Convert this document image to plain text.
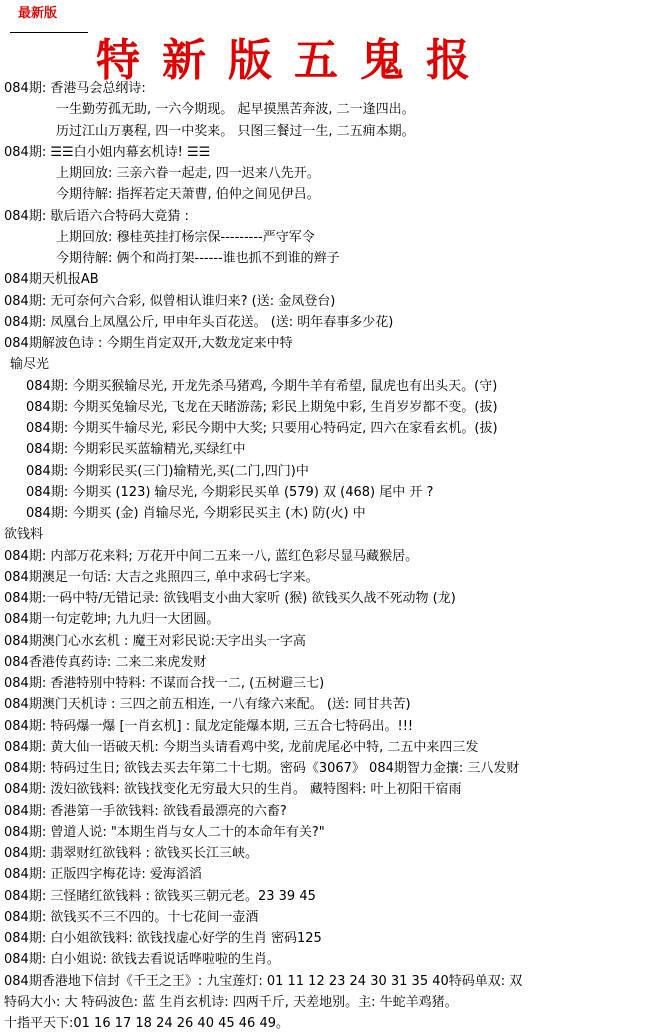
最新版
特新版五鬼报
084期: 香港马会总纲诗:
一生勤劳孤无助, 一六今期现。 起早摸黑苦奔波, 二一逢四出。
历过江山万裏程, 四一中奖来。 只图三餐过一生, 二五痈本期。
084期: ☰☰白小姐内幕玄机诗! ☰☰
上期回放: 三亲六眷一起走, 四一迟来八先开。
今期待解: 指挥若定天萧曹, 伯仲之间见伊吕。
084期: 歇后语六合特码大竟猜 :
上期回放: 穆桂英挂打杨宗保---------严守军令
今期待解: 俩个和尚打架------谁也抓不到谁的辫子
084期天机报AB
084期: 无可奈何六合彩, 似曾相认谁归来? (送: 金凤登台)
084期: 凤凰台上凤凰公斤, 甲申年头百花送。 (送: 明年春事多少花)
084期解波色诗 : 今期生肖定双开,大数龙定来中特
输尽光
084期: 今期买猴输尽光, 开龙先杀马猪鸡, 今期牛羊有希望, 鼠虎也有出头天。(守)
084期: 今期买兔输尽光, 飞龙在天睹游荡; 彩民上期兔中彩, 生肖岁岁都不变。(拔)
084期: 今期买牛输尽光, 彩民今期中大奖; 只要用心特码定, 四六在家看玄机。(拔)
084期: 今期彩民买蓝输精光,买绿红中
084期: 今期彩民买(三门)输精光,买(二门,四门)中
084期: 今期买 (123) 输尽光, 今期彩民买单 (579) 双 (468) 尾中 开 ?
084期: 今期买 (金) 肖输尽光, 今期彩民买主 (木) 防(火) 中
欲钱料
084期: 内部万花来料; 万花开中间二五来一八, 蓝红色彩尽显马藏猴居。
084期澳足一句话: 大吉之兆照四三, 单中求码七字来。
084期:一码中特/无错记录: 欲钱唱支小曲大家听 (猴) 欲钱买久战不死动物 (龙)
084期一句定乾坤; 九九归一大团圆。
084期澳门心水玄机 : 魔王对彩民说:天字出头一字高
084香港传真药诗: 二来二来虎发财
084期: 香港特别中特料: 不谋而合找一二, (五树避三七)
084期澳门天机诗 : 三四之前五相连, 一八有缘六来配。 (送: 同甘共苦)
084期: 特码爆一爆 [一肖玄机] : 鼠龙定能爆本期, 三五合七特码出。!!!
084期: 黄大仙一语破天机: 今期当头请看鸡中奖, 龙前虎尾必中特, 二五中来四三发
084期: 特码过生日; 欲钱去买去年第二十七期。密码《3067》 084期智力金攘: 三八发财
084期: 泼妇欲钱料: 欲钱找变化无穷最大只的生肖。 藏特图料: 叶上初阳干宿雨
084期: 香港第一手欲钱料: 欲钱看最漂亮的六畜?
084期: 曾道人说: "本期生肖与女人二十的本命年有关?"
084期: 翡翠财红欲钱料 : 欲钱买长江三峡。
084期: 正版四字梅花诗: 爱海滔滔
084期: 三怪睹红欲钱料 : 欲钱买三朝元老。23 39 45
084期: 欲钱买不三不四的。十七花间一壶酒
084期: 白小姐欲钱料: 欲钱找虚心好学的生肖 密码125
084期: 白小姐说: 欲钱去看说话哗啦啦的生肖。
084期香港地下信封《千王之王》: 九宝莲灯: 01 11 12 23 24 30 31 35 40特码单双: 双
特码大小: 大 特码波色: 蓝 生肖玄机诗: 四两千斤, 天差地别。主: 牛蛇羊鸡猪。
十指平天下:01 16 17 18 24 26 40 45 46 49。
